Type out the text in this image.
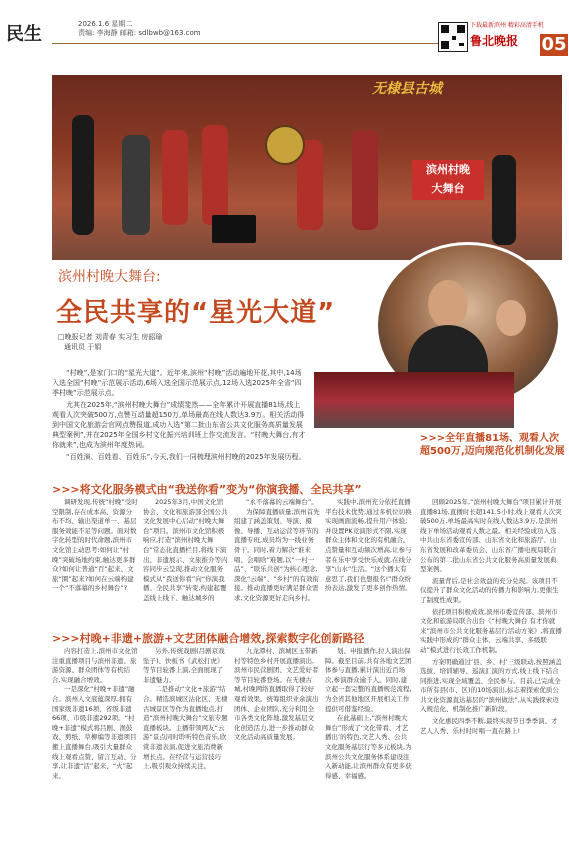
民生	2026.1.6 星期二
责编: 李海静 邮箱: sdlbwb@163.com
下载最新滨州 精彩高清手机
鲁北晚报 05
无棣县古城
滨州村晚
大舞台
滨州村晚大舞台:
全民共享的“星光大道”
□晚报记者 刘青春 实习生 房韶瑜
通讯员 于娟

“村晚”,是家门口的“星光大道”。近年来,滨州“村晚”活动遍地开花,其中,14场入选全国“村晚”示范展示活动,6场入选全国示范展示点,12场入选2025年全省“四季村晚”示范展示点。

尤其在2025年,“滨州村晚大舞台”成绩斐然——全年累计开展直播81场,线上观看人次突破500万,点赞互动量超150万,单场最高在线人数达3.9万。相关活动得到中国文化旅游会官网点赞报道,成功入选“第二批山东省公共文化服务高质量发展典型案例”,并在2025年全国乡村文化振兴培训班上作交流发言。“村晚大舞台,有才你就来”,也成为滨州年度热词。

“百姓演、百姓看、百姓乐”,今天,我们一同梳理滨州村晚的2025年发展历程。

>>>全年直播81场、观看人次超500万,迈向规范化机制化发展

回顾2025年,“滨州村晚大舞台”项目累计开展直播81场,直播时长超141.5小时,线上观看人次突破500万,单场最高实时在线人数达3.9万,是滨州线下单场活动观看人数之最。相关经验成功入选中共山东省委宣传部、山东省文化和旅游厅、山东省发展和改革委员会、山东省广播电视局联合公布的第二批山东省公共文化服务高质量发展典型案例。

流量背后,是社会效益的充分兑现。该项目不仅提升了群众文化活动的传播力和影响力,更催生了制度性成果。

依托项目积极成效,滨州市委宣传部、滨州市文化和旅游局联合出台《“村晚大舞台 有才你就来”滨州市公共文化服务基层行活动方案》,将直播实践中形成的“群众主体、云端共享、多级联动”模式进行长效工作机制。

方案明确通过‘县、乡、村’三级联动,按照涵盖选拔、培训辅导、巡演汇演的方式,线上线下结合同推进,实现全域覆盖、全民参与。目前,已完成全市所有县(市、区)的10场演出,标志着探索优质公共文化资源直达基层的“滨州做法”,从实践探索迈入规范化、机制化推广新阶段。

文化惠民四季不断,最终实现节日季季演、才艺人人秀、乐村时时唱一直在路上!

>>>将文化服务模式由“我送你看”变为“你演我播、全民共享”

调研发现,传统“村晚”受时空限制,存在成本高、资源分布不均、输出渠道单一、基层服务效能不足等问题。面对数字化转型的时代命题,滨州市文化馆主动思考:如何让“村晚”突破场地约束,触达更多群众?如何让普通“百”起来、文旅“圈”起来?如何在云端构建一个“不落幕的乡村舞台”?

2025年3月,中国文化馆协会、文化和旅游部全国公共文化发展中心启动“村晚大舞台”项目。滨州市文化馆积极响应,打造“滨州村晚大舞台”常态化直播栏目,将线下演出、非遗展示、文旅推介等内容同步云呈现,推动文化服务模式从“我送你看”向“你演我播、全民共享”转变,构建起覆盖线上线下、触达城乡的

“永不落幕的云端舞台”。

为保障直播质量,滨州首先组建了涵盖策划、导演、摄像、导播、互动运营等环节的直播专班,成员均为一线业务骨干。同时,着力解决“谁来唱、会唱啥”难题,以“一村一品”、“联乐共创”为核心理念,深化“云端”、“乡村”的有效衔接。推动直播更好满足群众需求,文化资源更好走向乡村。

实践中,滨州充分依托直播平台技术优势,通过多机位切换实现画面流畅,提升用户体验;并设置PK竞演形式不限,实现群众主体和文化的有机融合。点赞量和互动频次增高,让参与者在乐中享受快乐成就,在线分享“山水”生活。“这个播太有意思了,我们也想报名!”群众纷纷表达,激发了更多创作热情。

>>>村晚+非遗+旅游+文艺团体融合增效,探索数字化创新路径

内容打造上,滨州市文化馆注重直播项目与滨州非遗、旅游资源、群众团体等有机结合,实现融合增效。

一是深化“村晚+非遗”融合。滨州人文底蕴深厚,拥有国家级非遗16项、省级非遗66项、市级非遗292项。“村晚+非遗”模式将吕剧、渔鼓戏、剪纸、草柳编等非遗项目搬上直播舞台,吸引大量群众线上观看点赞、留言互动、分享,让非遗“活”起来、“火”起来。

另外,传统戏剧(吕剧京戏坠子)、快板书《武松打虎》等节目轮番上演,全面展现了非遗魅力。

二是推动“文化+旅游”结合。精选滨城区沾化区、无棣古城景区等作为直播地点,打造“滨州村晚大舞台”文旅专题直播板块。主播带领网友“云游”景点同时聆听特色音乐,欣赏非遗表演,促进文旅消费新增长点。在经营与运营技巧上,吸引观众持续关注。

九龙潭村、滨城区玉带新村等特色乡村开展直播演出,滨州市民营剧团、文艺爱好者等节目轮番登场。在无棣古城,村晚网络直播取得了较好观看效果。统筹组织业余演出团体、企业团队,充分利用全市各类文化阵地,激发基层文化创造活力,进一步推动群众文化活动高质量发展。

划、申报播作,拉人演出保障。截至目前,共有各地文艺团体参与直播,累计演出近百场次,参演群众逾千人。同时,建立起一套完整的直播规范流程,为全省其他地区开展相关工作提供可借鉴经验。

在此基础上,“滨州村晚大舞台”形成了‘文化带看、才艺播出’的特色,文艺人秀、公共文化服务基层行等多元板块,为滨州公共文化服务体系建设注入新动能,让滨州群众有更多获得感、幸福感。
